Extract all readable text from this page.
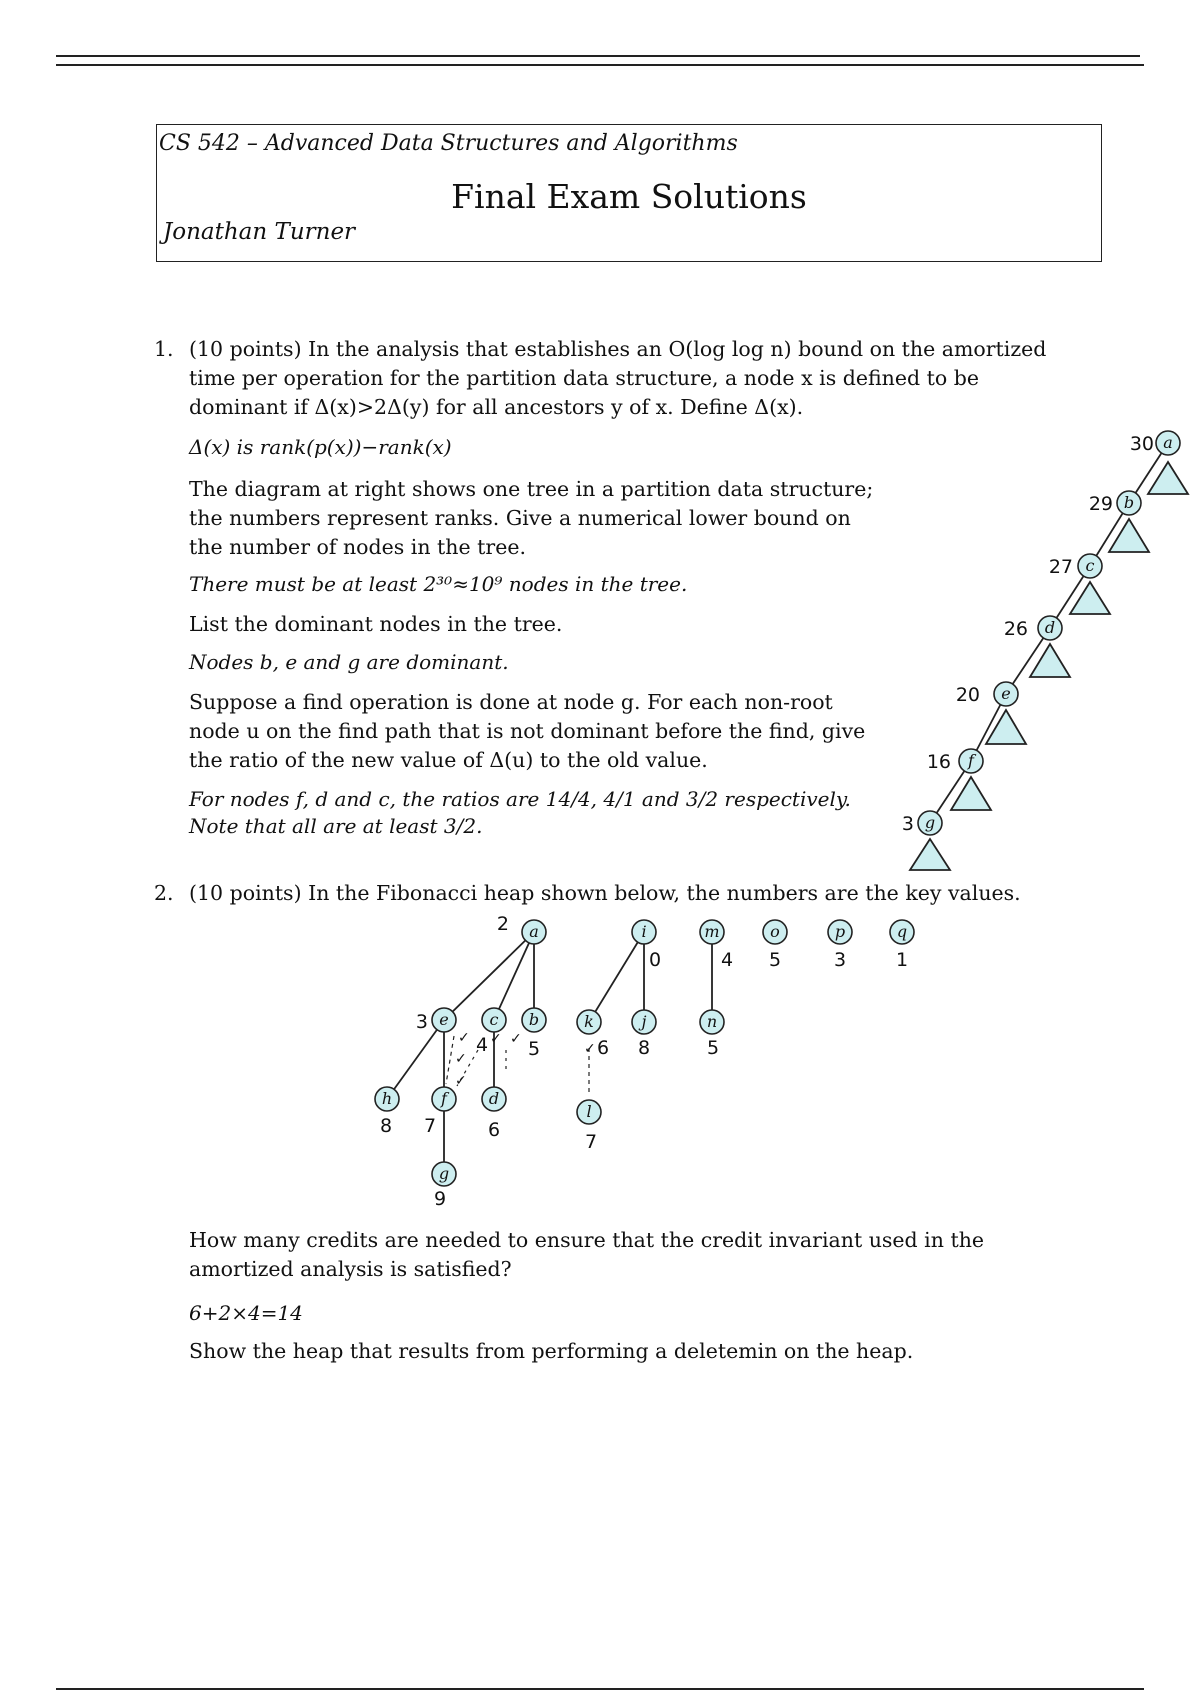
CS 542 – Advanced Data Structures and Algorithms
Final Exam Solutions
Jonathan Turner
1. (10 points) In the analysis that establishes an O(log log n) bound on the amortized time per operation for the partition data structure, a node x is defined to be dominant if Δ(x)>2Δ(y) for all ancestors y of x. Define Δ(x).
Δ(x) is rank(p(x))−rank(x)
The diagram at right shows one tree in a partition data structure; the numbers represent ranks. Give a numerical lower bound on the number of nodes in the tree.
There must be at least 2³⁰≈10⁹ nodes in the tree.
List the dominant nodes in the tree.
Nodes b, e and g are dominant.
Suppose a find operation is done at node g. For each non-root node u on the find path that is not dominant before the find, give the ratio of the new value of Δ(u) to the old value.
For nodes f, d and c, the ratios are 14/4, 4/1 and 3/2 respectively. Note that all are at least 3/2.
2. (10 points) In the Fibonacci heap shown below, the numbers are the key values.
How many credits are needed to ensure that the credit invariant used in the amortized analysis is satisfied?
6+2×4=14
Show the heap that results from performing a deletemin on the heap.
a
30
b
29
c
27
d
26
e
20
f
16
g
3
a
2
e
3	c
4
b
5
h
8
f
7
d
6
g
9
i
0
k
6
j
8
l
7
m
4
n
5
o
5
p
3
q
1
✓ ✓ ✓
✓
✓
✓
